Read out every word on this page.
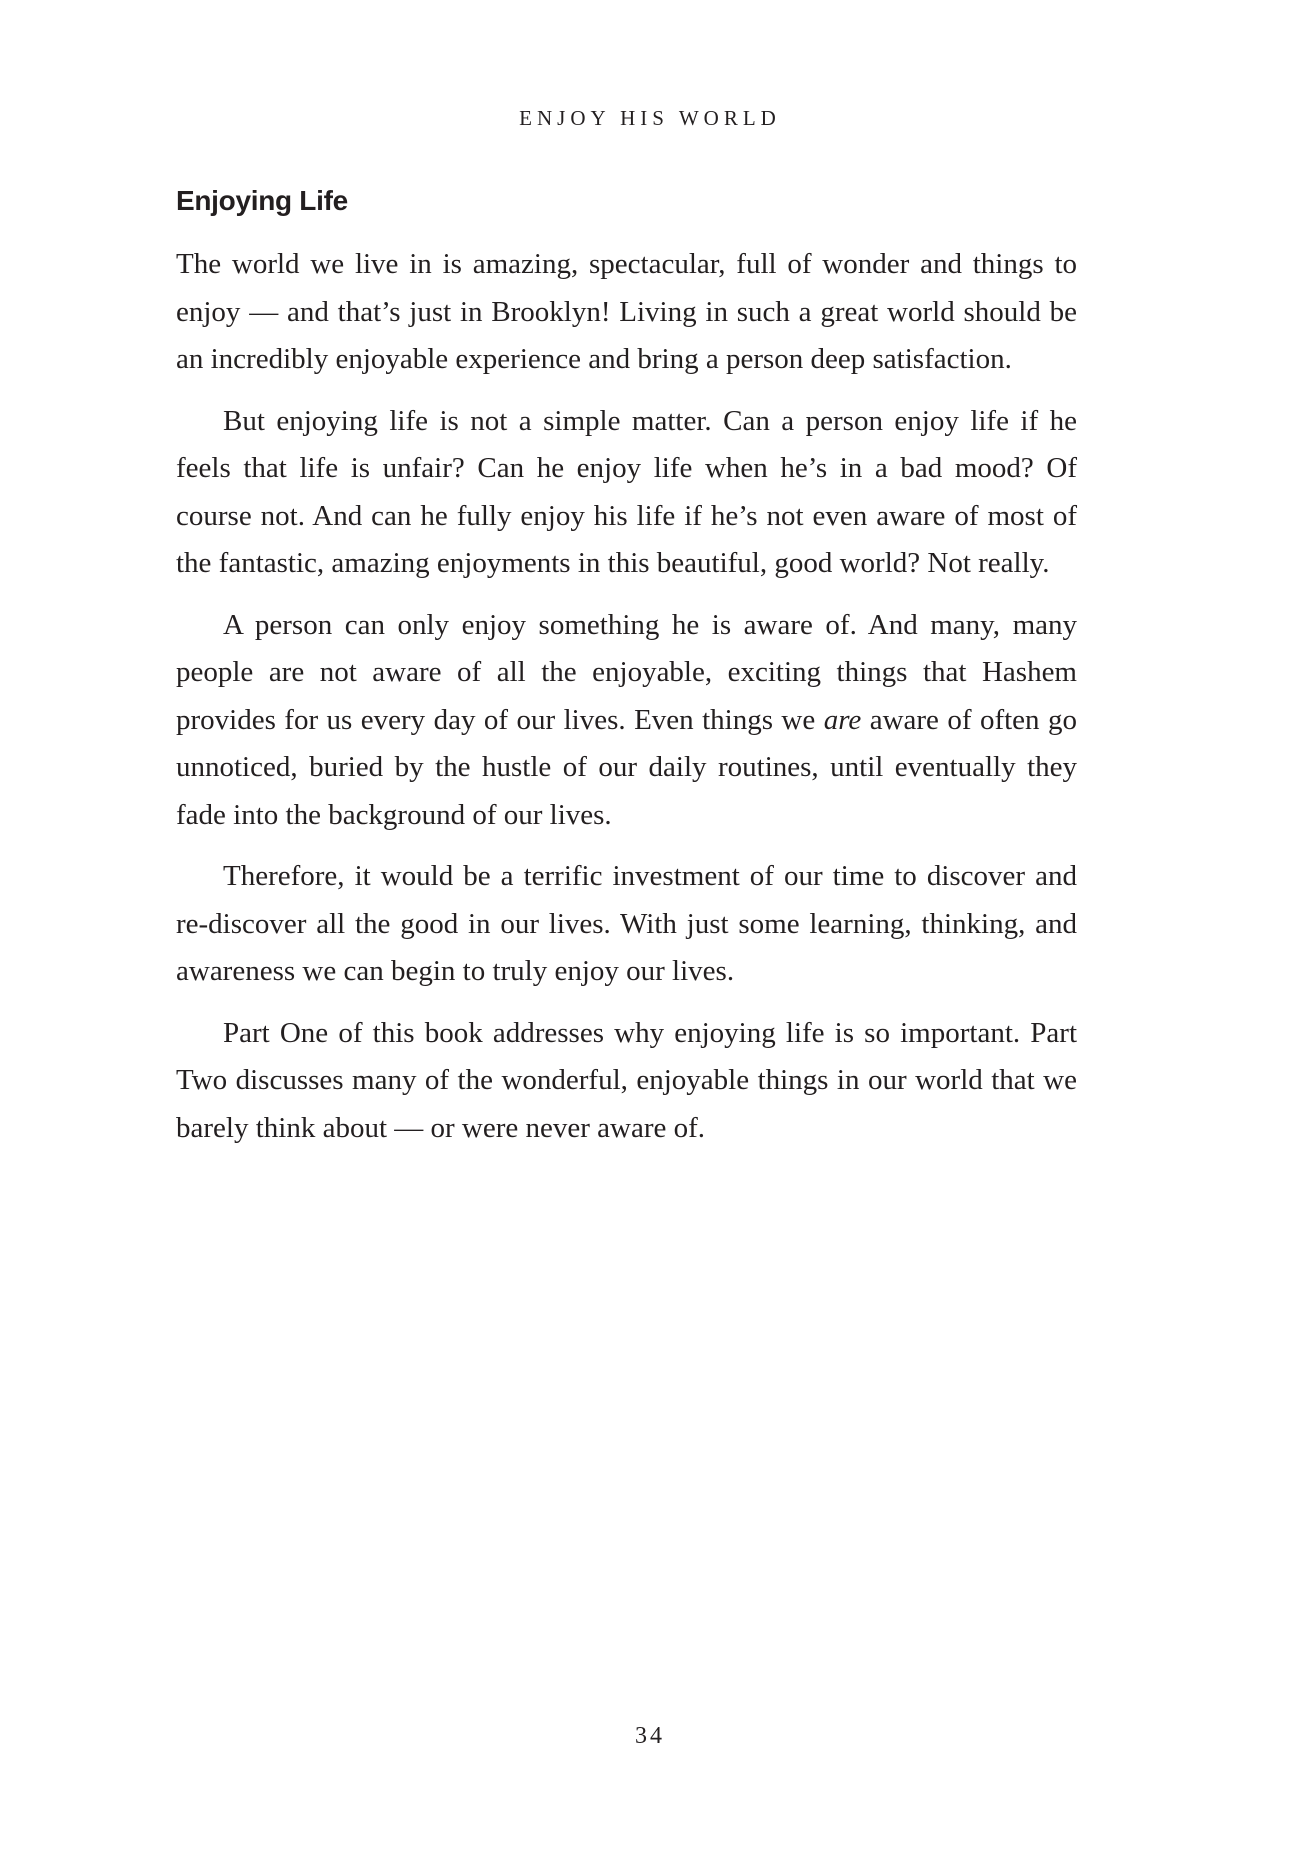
ENJOY HIS WORLD
Enjoying Life

The world we live in is amazing, spectacular, full of wonder and things to enjoy — and that’s just in Brooklyn! Living in such a great world should be an incredibly enjoyable experience and bring a person deep satisfaction.

But enjoying life is not a simple matter. Can a person enjoy life if he feels that life is unfair? Can he enjoy life when he’s in a bad mood? Of course not. And can he fully enjoy his life if he’s not even aware of most of the fantastic, amazing enjoyments in this beautiful, good world? Not really.

A person can only enjoy something he is aware of. And many, many people are not aware of all the enjoyable, exciting things that Hashem provides for us every day of our lives. Even things we are aware of often go unnoticed, buried by the hustle of our daily routines, until eventually they fade into the background of our lives.

Therefore, it would be a terrific investment of our time to discover and re-discover all the good in our lives. With just some learning, thinking, and awareness we can begin to truly enjoy our lives.

Part One of this book addresses why enjoying life is so important. Part Two discusses many of the wonderful, enjoyable things in our world that we barely think about — or were never aware of.

34
